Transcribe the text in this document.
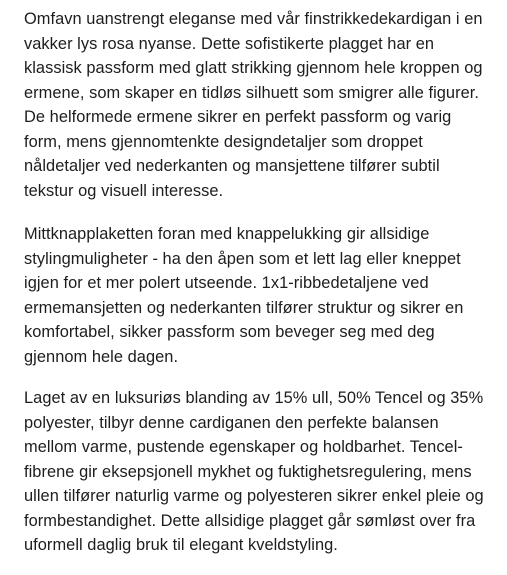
Omfavn uanstrengt eleganse med vår finstrikkedekardigan i en vakker lys rosa nyanse. Dette sofistikerte plagget har en klassisk passform med glatt strikking gjennom hele kroppen og ermene, som skaper en tidløs silhuett som smigrer alle figurer. De helformede ermene sikrer en perfekt passform og varig form, mens gjennomtenkte designdetaljer som droppet nåldetaljer ved nederkanten og mansjettene tilfører subtil tekstur og visuell interesse.

Mittknapplaketten foran med knappelukking gir allsidige stylingmuligheter - ha den åpen som et lett lag eller kneppet igjen for et mer polert utseende. 1x1-ribbedetaljene ved ermemansjetten og nederkanten tilfører struktur og sikrer en komfortabel, sikker passform som beveger seg med deg gjennom hele dagen.

Laget av en luksuriøs blanding av 15% ull, 50% Tencel og 35% polyester, tilbyr denne cardiganen den perfekte balansen mellom varme, pustende egenskaper og holdbarhet. Tencel-fibrene gir eksepsjonell mykhet og fuktighetsregulering, mens ullen tilfører naturlig varme og polyesteren sikrer enkel pleie og formbestandighet. Dette allsidige plagget går sømløst over fra uformell daglig bruk til elegant kveldstyling.
